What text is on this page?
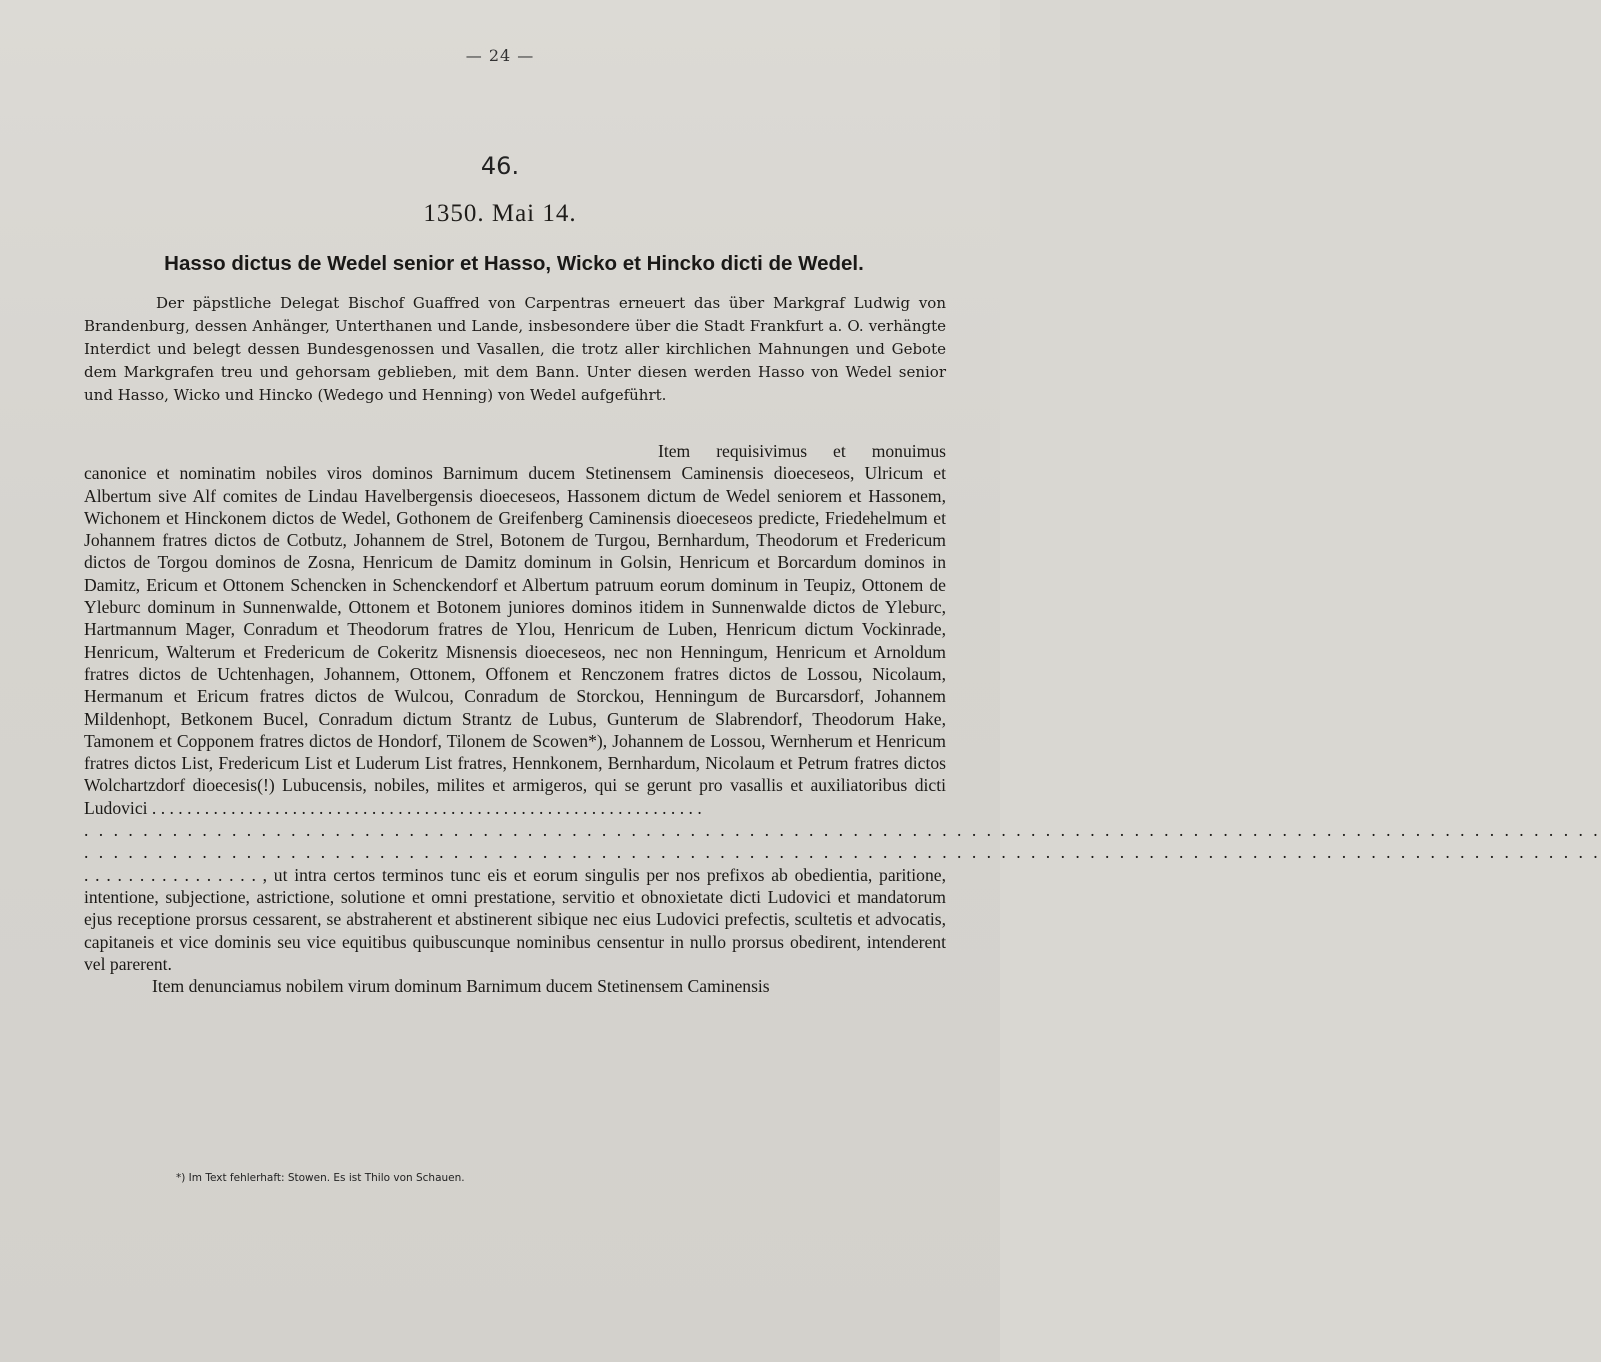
— 24 —
46.
1350. Mai 14.
Hasso dictus de Wedel senior et Hasso, Wicko et Hincko dicti de Wedel.
Der päpstliche Delegat Bischof Guaffred von Carpentras erneuert das über Markgraf Ludwig von Brandenburg, dessen Anhänger, Unterthanen und Lande, insbesondere über die Stadt Frankfurt a. O. verhängte Interdict und belegt dessen Bundesgenossen und Vasallen, die trotz aller kirchlichen Mahnungen und Gebote dem Markgrafen treu und gehorsam geblieben, mit dem Bann. Unter diesen werden Hasso von Wedel senior und Hasso, Wicko und Hincko (Wedego und Henning) von Wedel aufgeführt.

Item requisivimus et monuimus canonice et nominatim nobiles viros dominos Barnimum ducem Stetinensem Caminensis dioeceseos, Ulricum et Albertum sive Alf comites de Lindau Havelbergensis dioeceseos, Hassonem dictum de Wedel seniorem et Hassonem, Wichonem et Hinckonem dictos de Wedel, Gothonem de Greifenberg Caminensis dioeceseos predicte, Friedehelmum et Johannem fratres dictos de Cotbutz, Johannem de Strel, Botonem de Turgou, Bernhardum, Theodorum et Fredericum dictos de Torgou dominos de Zosna, Henricum de Damitz dominum in Golsin, Henricum et Borcardum dominos in Damitz, Ericum et Ottonem Schencken in Schenckendorf et Albertum patruum eorum dominum in Teupiz, Ottonem de Yleburc dominum in Sunnenwalde, Ottonem et Botonem juniores dominos itidem in Sunnenwalde dictos de Yleburc, Hartmannum Mager, Conradum et Theodorum fratres de Ylou, Henricum de Luben, Henricum dictum Vockinrade, Henricum, Walterum et Fredericum de Cokeritz Misnensis dioeceseos, nec non Henningum, Henricum et Arnoldum fratres dictos de Uchtenhagen, Johannem, Ottonem, Offonem et Renczonem fratres dictos de Lossou, Nicolaum, Hermanum et Ericum fratres dictos de Wulcou, Conradum de Storckou, Henningum de Burcarsdorf, Johannem Mildenhopt, Betkonem Bucel, Conradum dictum Strantz de Lubus, Gunterum de Slabrendorf, Theodorum Hake, Tamonem et Copponem fratres dictos de Hondorf, Tilonem de Scowen*), Johannem de Lossou, Wernherum et Henricum fratres dictos List, Fredericum List et Luderum List fratres, Hennkonem, Bernhardum, Nicolaum et Petrum fratres dictos Wolchartzdorf dioecesis(!) Lubucensis, nobiles, milites et armigeros, qui se gerunt pro vasallis et auxiliatoribus dicti Ludovici . . . . . . . . . . . . . . . . . . . . . . . . . . . . . . . . . . . . . . . . . . . . . . . . . . . . . . . . . . . . . . .

. . . . . . . . . . . . . . . . . . . . . . . . . . . . . . . . . . . . . . . . . . . . . . . . . . . . . . . . . . . . . . . . . . . . . . . . . . . . . . . . . . . . . . . . . . . . . . . . . . . . . . .

. . . . . . . . . . . . . . . . . . . . . . . . . . . . . . . . . . . . . . . . . . . . . . . . . . . . . . . . . . . . . . . . . . . . . . . . . . . . . . . . . . . . . . . . . . . . . . . . . . . . . . .

. . . . . . . . . . . . . . . . , ut intra certos terminos tunc eis et eorum singulis per nos prefixos ab obedientia, paritione, intentione, subjectione, astrictione, solutione et omni prestatione, servitio et obnoxietate dicti Ludovici et mandatorum ejus receptione prorsus cessarent, se abstraherent et abstinerent sibique nec eius Ludovici prefectis, scultetis et advocatis, capitaneis et vice dominis seu vice equitibus quibuscunque nominibus censentur in nullo prorsus obedirent, intenderent vel parerent.

Item denunciamus nobilem virum dominum Barnimum ducem Stetinensem Caminensis

*) Im Text fehlerhaft: Stowen. Es ist Thilo von Schauen.
